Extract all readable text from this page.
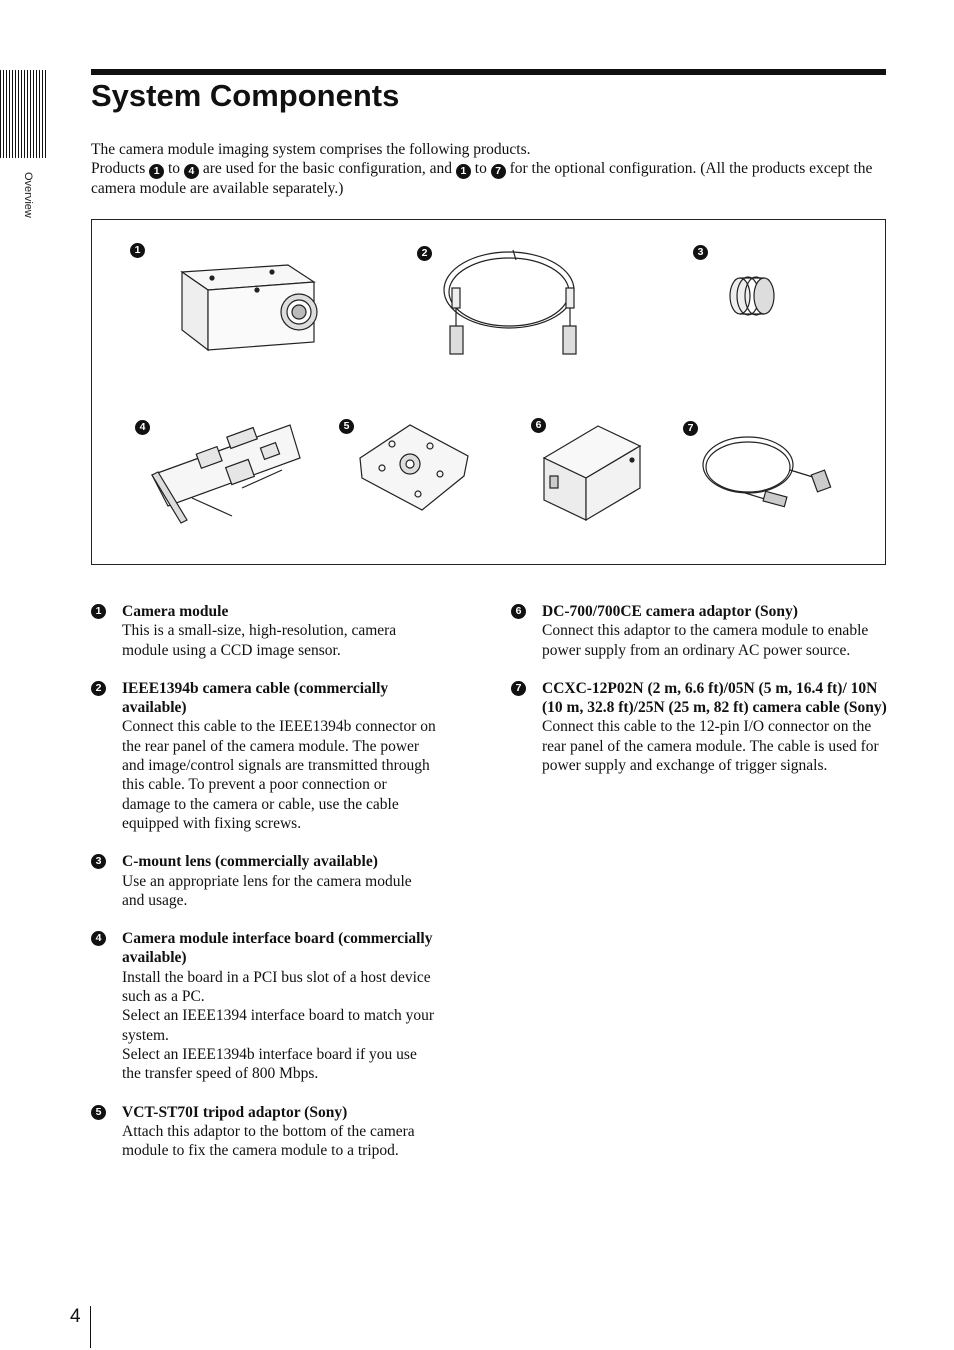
Overview
System Components

The camera module imaging system comprises the following products.

Products 1 to 4 are used for the basic configuration, and 1 to 7 for the optional configuration. (All the products except the camera module are available separately.)

1	2	3
4	5	6	7
1 Camera module
This is a small-size, high-resolution, camera module using a CCD image sensor.
2 IEEE1394b camera cable (commercially available)
Connect this cable to the IEEE1394b connector on the rear panel of the camera module. The power and image/control signals are transmitted through this cable. To prevent a poor connection or damage to the camera or cable, use the cable equipped with fixing screws.
3 C-mount lens (commercially available)
Use an appropriate lens for the camera module and usage.
4 Camera module interface board (commercially available)
Install the board in a PCI bus slot of a host device such as a PC.
Select an IEEE1394 interface board to match your system.
Select an IEEE1394b interface board if you use the transfer speed of 800 Mbps.
5 VCT-ST70I tripod adaptor (Sony)
Attach this adaptor to the bottom of the camera module to fix the camera module to a tripod.
6 DC-700/700CE camera adaptor (Sony)
Connect this adaptor to the camera module to enable power supply from an ordinary AC power source.
7 CCXC-12P02N (2 m, 6.6 ft)/05N (5 m, 16.4 ft)/ 10N (10 m, 32.8 ft)/25N (25 m, 82 ft) camera cable (Sony)
Connect this cable to the 12-pin I/O connector on the rear panel of the camera module. The cable is used for power supply and exchange of trigger signals.
4
